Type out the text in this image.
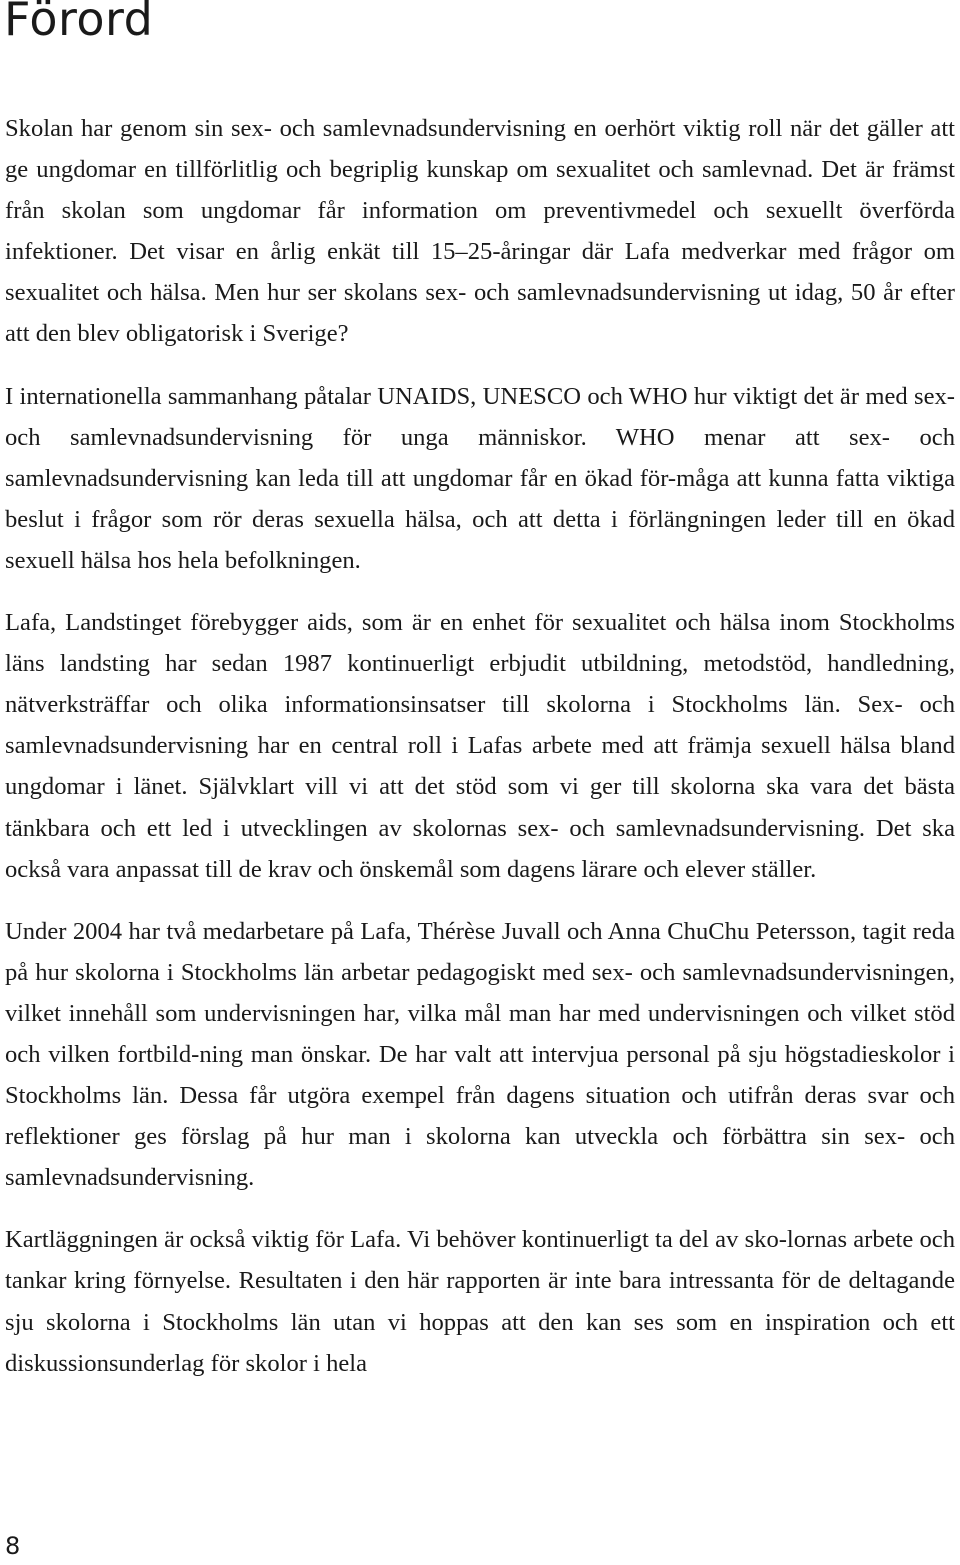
Förord

Skolan har genom sin sex- och samlevnadsundervisning en oerhört viktig roll när det gäller att ge ungdomar en tillförlitlig och begriplig kunskap om sexualitet och samlevnad. Det är främst från skolan som ungdomar får information om preventivmedel och sexuellt överförda infektioner. Det visar en årlig enkät till 15–25-åringar där Lafa medverkar med frågor om sexualitet och hälsa. Men hur ser skolans sex- och samlevnadsundervisning ut idag, 50 år efter att den blev obligatorisk i Sverige?

I internationella sammanhang påtalar UNAIDS, UNESCO och WHO hur viktigt det är med sex- och samlevnadsundervisning för unga människor. WHO menar att sex- och samlevnadsundervisning kan leda till att ungdomar får en ökad för-måga att kunna fatta viktiga beslut i frågor som rör deras sexuella hälsa, och att detta i förlängningen leder till en ökad sexuell hälsa hos hela befolkningen.

Lafa, Landstinget förebygger aids, som är en enhet för sexualitet och hälsa inom Stockholms läns landsting har sedan 1987 kontinuerligt erbjudit utbildning, metodstöd, handledning, nätverksträffar och olika informationsinsatser till skolorna i Stockholms län. Sex- och samlevnadsundervisning har en central roll i Lafas arbete med att främja sexuell hälsa bland ungdomar i länet. Självklart vill vi att det stöd som vi ger till skolorna ska vara det bästa tänkbara och ett led i utvecklingen av skolornas sex- och samlevnadsundervisning. Det ska också vara anpassat till de krav och önskemål som dagens lärare och elever ställer.

Under 2004 har två medarbetare på Lafa, Thérèse Juvall och Anna ChuChu Petersson, tagit reda på hur skolorna i Stockholms län arbetar pedagogiskt med sex- och samlevnadsundervisningen, vilket innehåll som undervisningen har, vilka mål man har med undervisningen och vilket stöd och vilken fortbild-ning man önskar. De har valt att intervjua personal på sju högstadieskolor i Stockholms län. Dessa får utgöra exempel från dagens situation och utifrån deras svar och reflektioner ges förslag på hur man i skolorna kan utveckla och förbättra sin sex- och samlevnadsundervisning.

Kartläggningen är också viktig för Lafa. Vi behöver kontinuerligt ta del av sko-lornas arbete och tankar kring förnyelse. Resultaten i den här rapporten är inte bara intressanta för de deltagande sju skolorna i Stockholms län utan vi hoppas att den kan ses som en inspiration och ett diskussionsunderlag för skolor i hela

8
